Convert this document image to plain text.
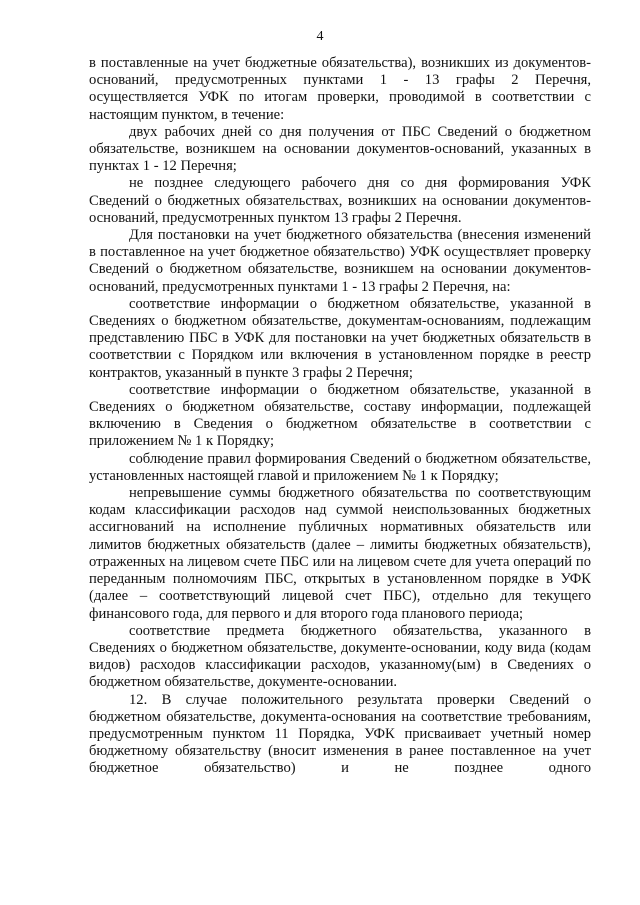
4

в поставленные на учет бюджетные обязательства), возникших из документов-оснований, предусмотренных пунктами 1 - 13 графы 2 Перечня, осуществляется УФК по итогам проверки, проводимой в соответствии с настоящим пунктом, в течение:

двух рабочих дней со дня получения от ПБС Сведений о бюджетном обязательстве, возникшем на основании документов-оснований, указанных в пунктах 1 - 12 Перечня;

не позднее следующего рабочего дня со дня формирования УФК Сведений о бюджетных обязательствах, возникших на основании документов-оснований, предусмотренных пунктом 13 графы 2 Перечня.

Для постановки на учет бюджетного обязательства (внесения изменений в поставленное на учет бюджетное обязательство) УФК осуществляет проверку Сведений о бюджетном обязательстве, возникшем на основании документов-оснований, предусмотренных пунктами 1 - 13 графы 2 Перечня, на:

соответствие информации о бюджетном обязательстве, указанной в Сведениях о бюджетном обязательстве, документам-основаниям, подлежащим представлению ПБС в УФК для постановки на учет бюджетных обязательств в соответствии с Порядком или включения в установленном порядке в реестр контрактов, указанный в пункте 3 графы 2 Перечня;

соответствие информации о бюджетном обязательстве, указанной в Сведениях о бюджетном обязательстве, составу информации, подлежащей включению в Сведения о бюджетном обязательстве в соответствии с приложением № 1 к Порядку;

соблюдение правил формирования Сведений о бюджетном обязательстве, установленных настоящей главой и приложением № 1 к Порядку;

непревышение суммы бюджетного обязательства по соответствующим кодам классификации расходов над суммой неиспользованных бюджетных ассигнований на исполнение публичных нормативных обязательств или лимитов бюджетных обязательств (далее – лимиты бюджетных обязательств), отраженных на лицевом счете ПБС или на лицевом счете для учета операций по переданным полномочиям ПБС, открытых в установленном порядке в УФК (далее – соответствующий лицевой счет ПБС), отдельно для текущего финансового года, для первого и для второго года планового периода;

соответствие предмета бюджетного обязательства, указанного в Сведениях о бюджетном обязательстве, документе-основании, коду вида (кодам видов) расходов классификации расходов, указанному(ым) в Сведениях о бюджетном обязательстве, документе-основании.

12. В случае положительного результата проверки Сведений о бюджетном обязательстве, документа-основания на соответствие требованиям, предусмотренным пунктом 11 Порядка, УФК присваивает учетный номер бюджетному обязательству (вносит изменения в ранее поставленное на учет бюджетное обязательство) и не позднее одного
